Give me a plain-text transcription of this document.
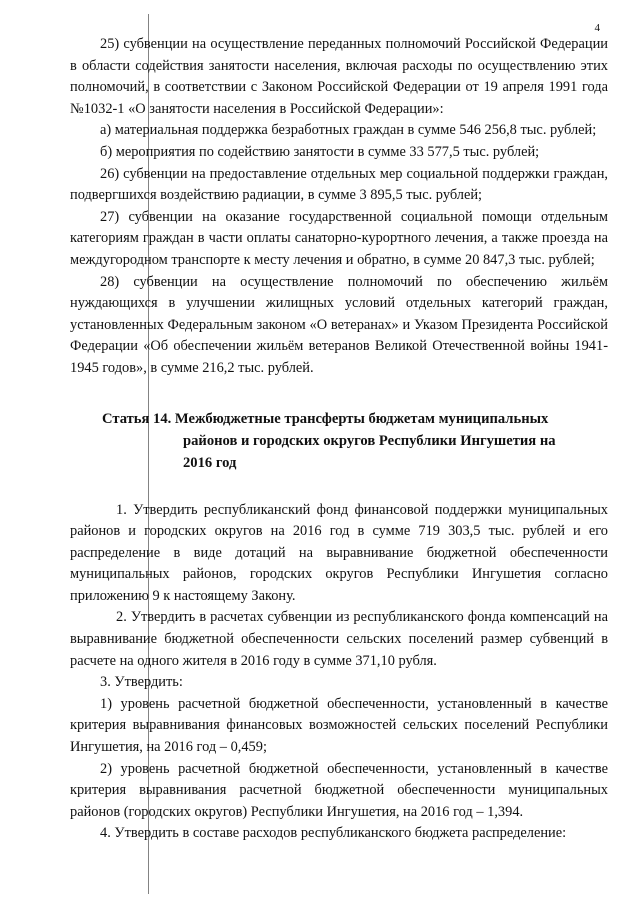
4

25) субвенции на осуществление переданных полномочий Российской Федерации в области содействия занятости населения, включая расходы по осуществлению этих полномочий, в соответствии с Законом Российской Федерации от 19 апреля 1991 года №1032-1 «О занятости населения в Российской Федерации»:

а) материальная поддержка безработных граждан в сумме 546 256,8 тыс. рублей;

б) мероприятия по содействию занятости в сумме 33 577,5 тыс. рублей;

26) субвенции на предоставление отдельных мер социальной поддержки граждан, подвергшихся воздействию радиации, в сумме 3 895,5 тыс. рублей;

27) субвенции на оказание государственной социальной помощи отдельным категориям граждан в части оплаты санаторно-курортного лечения, а также проезда на междугородном транспорте к месту лечения и обратно, в сумме 20 847,3 тыс. рублей;

28) субвенции на осуществление полномочий по обеспечению жильём нуждающихся в улучшении жилищных условий отдельных категорий граждан, установленных Федеральным законом «О ветеранах» и Указом Президента Российской Федерации «Об обеспечении жильём ветеранов Великой Отечественной войны 1941-1945 годов», в сумме 216,2 тыс. рублей.

Статья 14. Межбюджетные трансферты бюджетам муниципальных
районов и городских округов Республики Ингушетия на
2016 год

1. Утвердить республиканский фонд финансовой поддержки муниципальных районов и городских округов на 2016 год в сумме 719 303,5 тыс. рублей и его распределение в виде дотаций на выравнивание бюджетной обеспеченности муниципальных районов, городских округов Республики Ингушетия согласно приложению 9 к настоящему Закону.

2. Утвердить в расчетах субвенции из республиканского фонда компенсаций на выравнивание бюджетной обеспеченности сельских поселений размер субвенций в расчете на одного жителя в 2016 году в сумме 371,10 рубля.

3. Утвердить:

1) уровень расчетной бюджетной обеспеченности, установленный в качестве критерия выравнивания финансовых возможностей сельских поселений Республики Ингушетия, на 2016 год – 0,459;

2) уровень расчетной бюджетной обеспеченности, установленный в качестве критерия выравнивания расчетной бюджетной обеспеченности муниципальных районов (городских округов) Республики Ингушетия, на 2016 год – 1,394.

4. Утвердить в составе расходов республиканского бюджета распределение:
